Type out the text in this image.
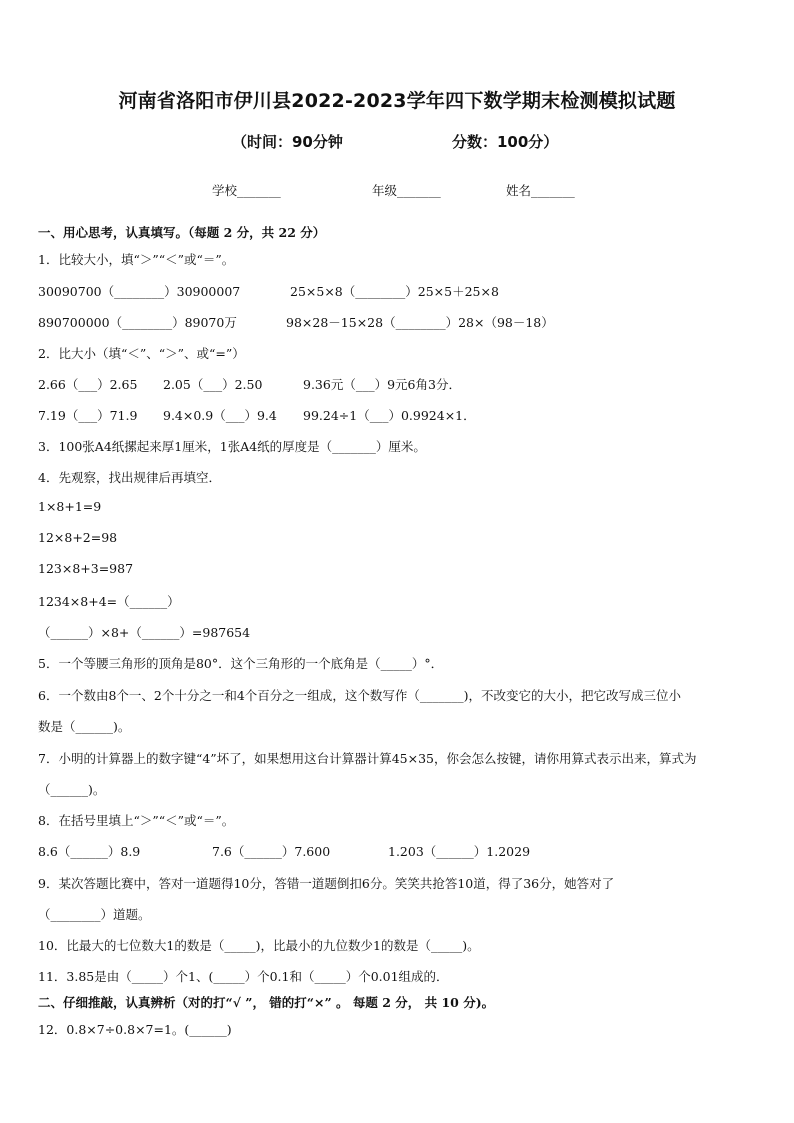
河南省洛阳市伊川县2022-2023学年四下数学期末检测模拟试题
（时间：90分钟	分数：100分）
学校_______	年级_______	姓名_______
一、用心思考，认真填写。（每题 2 分，共 22 分）
1．比较大小，填“＞”“＜”或“＝”。
30090700（________）30900007	25×5×8（________）25×5＋25×8
890700000（________）89070万	98×28－15×28（________）28×（98－18）
2．比大小（填“＜”、“＞”、或“=”）
2.66（___）2.65 2.05（___）2.50	9.36元（___）9元6角3分．
7.19（___）71.9 9.4×0.9（___）9.4 99.24÷1（___）0.9924×1．
3．100张A4纸摞起来厚1厘米，1张A4纸的厚度是（_______）厘米。
4．先观察，找出规律后再填空．
1×8+1=9
12×8+2=98
123×8+3=987
1234×8+4=（______）
（______）×8+（______）=987654
5．一个等腰三角形的顶角是80°．这个三角形的一个底角是（_____）°．
6．一个数由8个一、2个十分之一和4个百分之一组成，这个数写作（_______)，不改变它的大小，把它改写成三位小
数是（______)。
7．小明的计算器上的数字键“4”坏了，如果想用这台计算器计算45×35，你会怎么按键，请你用算式表示出来，算式为
（______)。
8．在括号里填上“＞”“＜”或“＝”。
8.6（______）8.9	7.6（______）7.600	1.203（______）1.2029
9．某次答题比赛中，答对一道题得10分，答错一道题倒扣6分。笑笑共抢答10道，得了36分，她答对了
（________）道题。
10．比最大的七位数大1的数是（_____)，比最小的九位数少1的数是（_____)。
11．3.85是由（_____）个1、(_____）个0.1和（_____）个0.01组成的．
二、仔细推敲，认真辨析（对的打“√ ”， 错的打“×” 。 每题 2 分， 共 10 分)。
12．0.8×7÷0.8×7=1。(______)
